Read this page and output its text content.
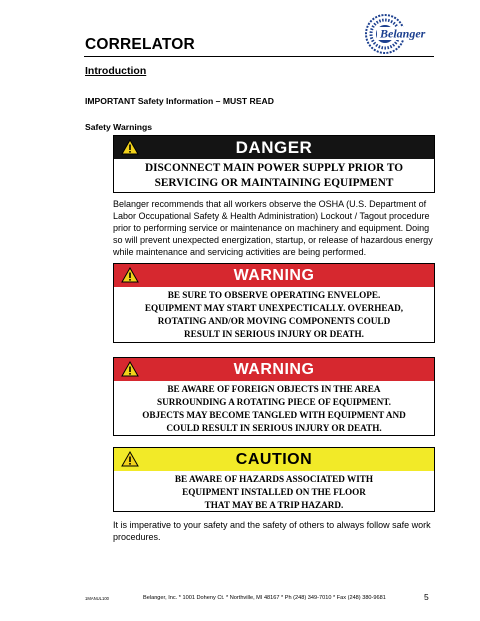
CORRELATOR
Belanger
Introduction
IMPORTANT Safety Information – MUST READ
Safety Warnings
DANGER
DISCONNECT MAIN POWER SUPPLY PRIOR TO
SERVICING OR MAINTAINING EQUIPMENT
Belanger recommends that all workers observe the OSHA (U.S. Department of
Labor Occupational Safety & Health Administration) Lockout / Tagout procedure
prior to performing service or maintenance on machinery and equipment. Doing
so will prevent unexpected energization, startup, or release of hazardous energy
while maintenance and servicing activities are being performed.
WARNING
BE SURE TO OBSERVE OPERATING ENVELOPE.
EQUIPMENT MAY START UNEXPECTICALLY. OVERHEAD,
ROTATING AND/OR MOVING COMPONENTS COULD
RESULT IN SERIOUS INJURY OR DEATH.
WARNING
BE AWARE OF FOREIGN OBJECTS IN THE AREA
SURROUNDING A ROTATING PIECE OF EQUIPMENT.
OBJECTS MAY BECOME TANGLED WITH EQUIPMENT AND
COULD RESULT IN SERIOUS INJURY OR DEATH.
CAUTION
BE AWARE OF HAZARDS ASSOCIATED WITH
EQUIPMENT INSTALLED ON THE FLOOR
THAT MAY BE A TRIP HAZARD.
It is imperative to your safety and the safety of others to always follow safe work
procedures.
1MANUL100	Belanger, Inc. * 1001 Doheny Ct. * Northville, MI 48167 * Ph (248) 349-7010 * Fax (248) 380-9681	5
